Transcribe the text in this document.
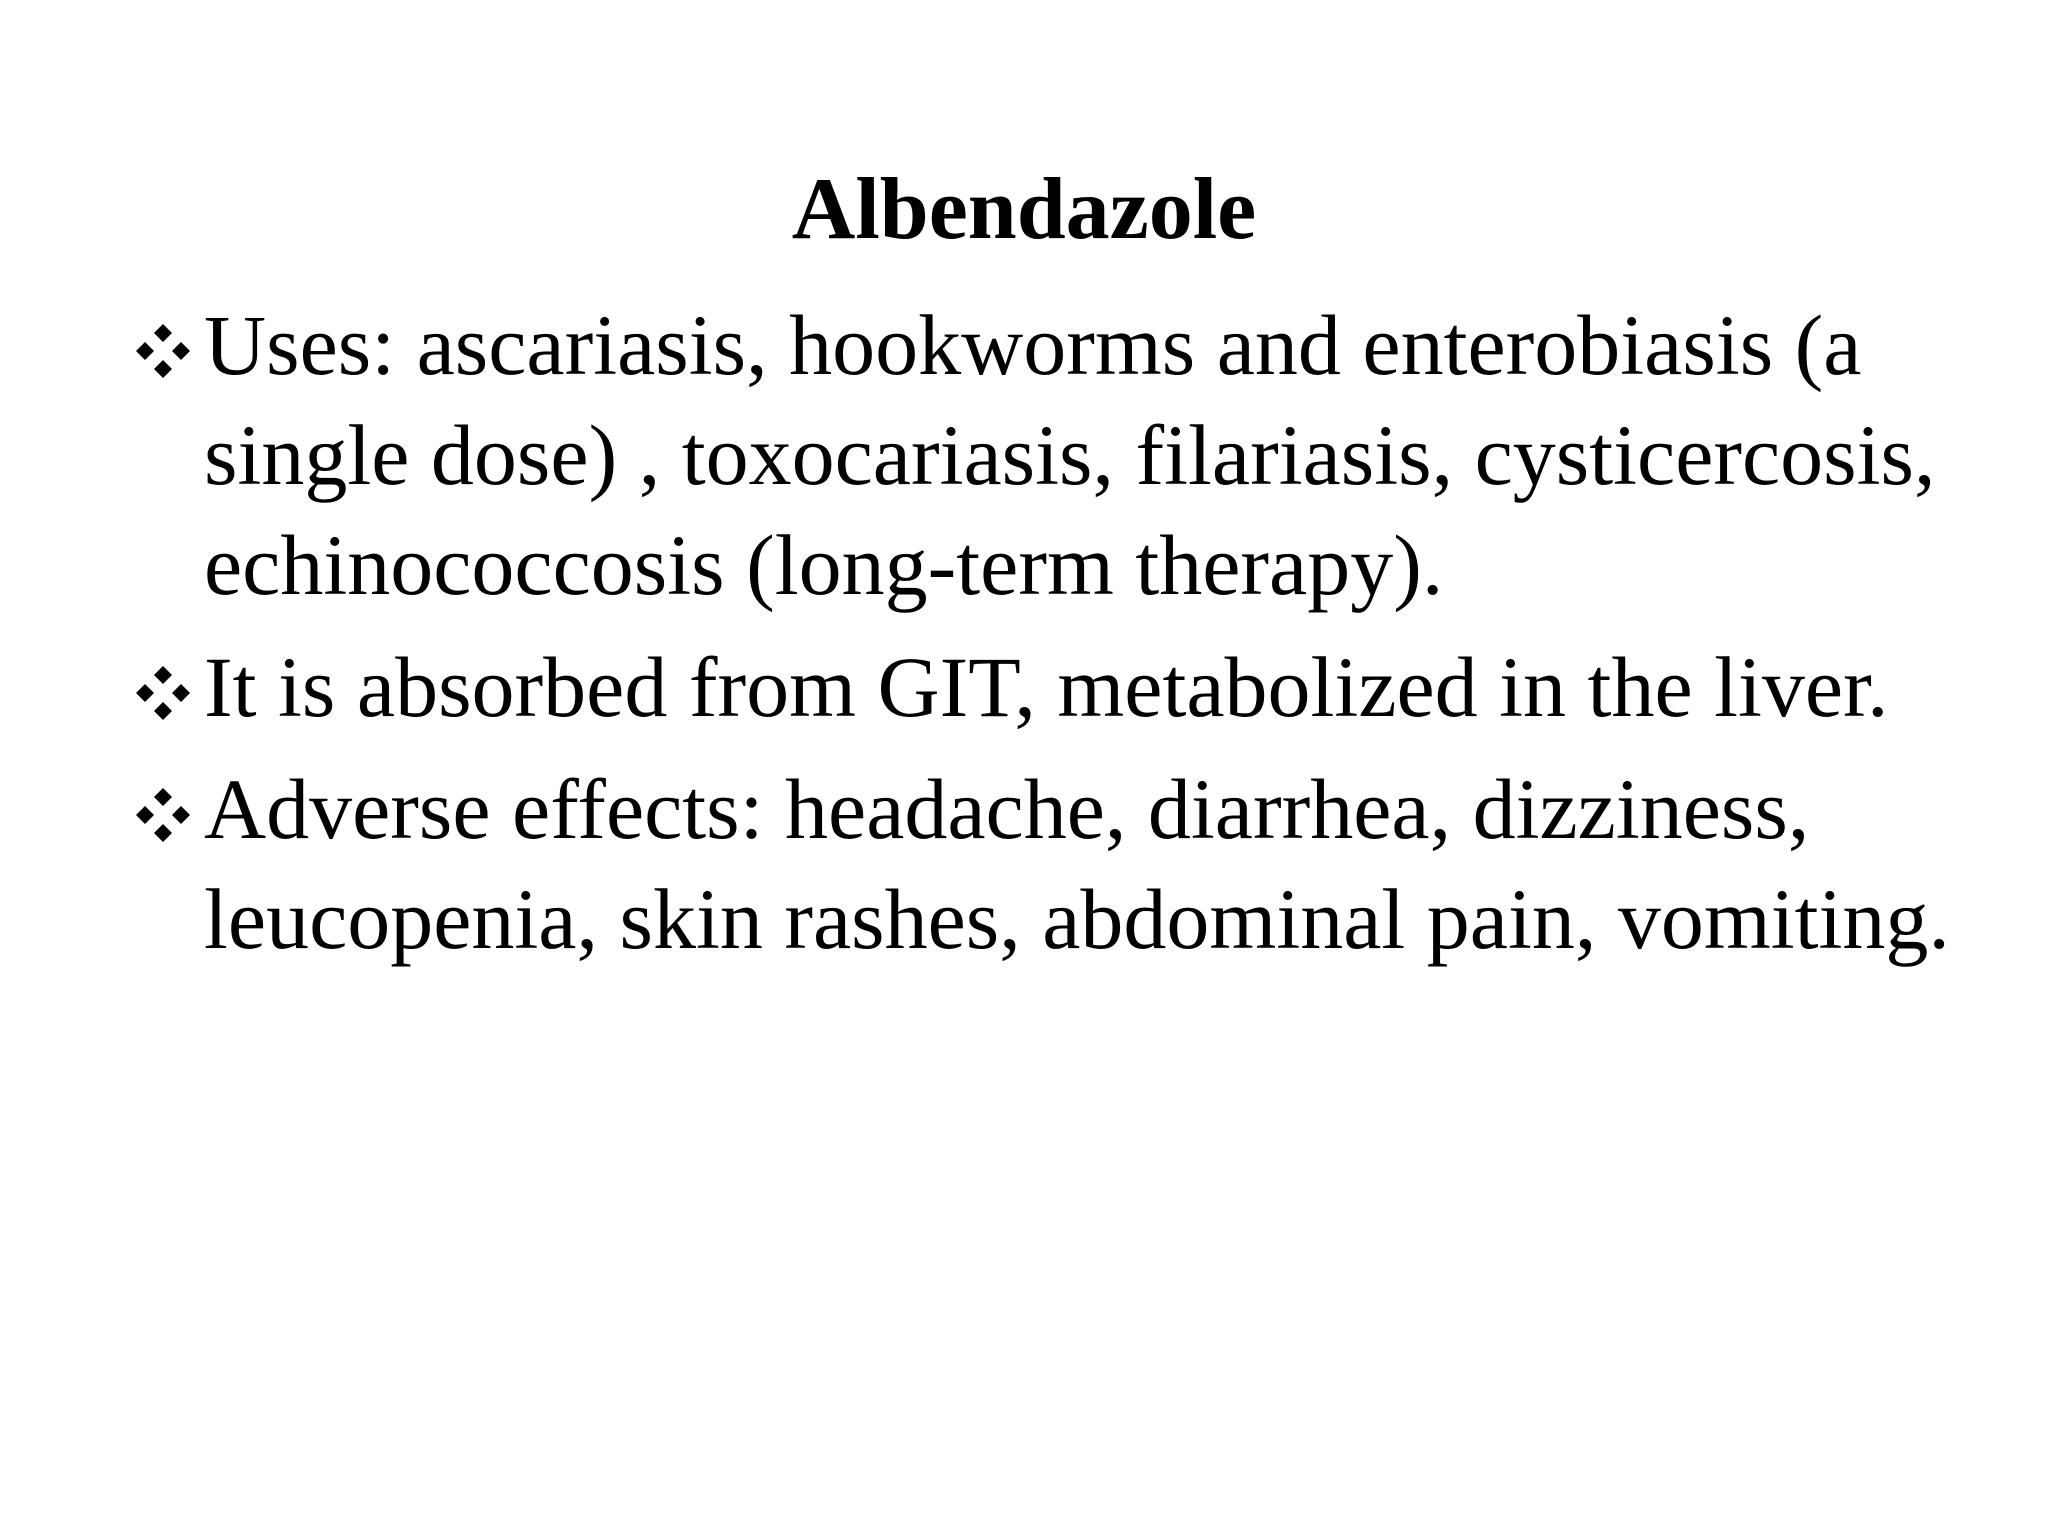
Albendazole
Uses: ascariasis, hookworms and enterobiasis (a single dose) , toxocariasis, filariasis, cysticercosis, echinococcosis (long-term therapy).
It is absorbed from GIT, metabolized in the liver.
Adverse effects: headache, diarrhea, dizziness, leucopenia, skin rashes, abdominal pain, vomiting.
